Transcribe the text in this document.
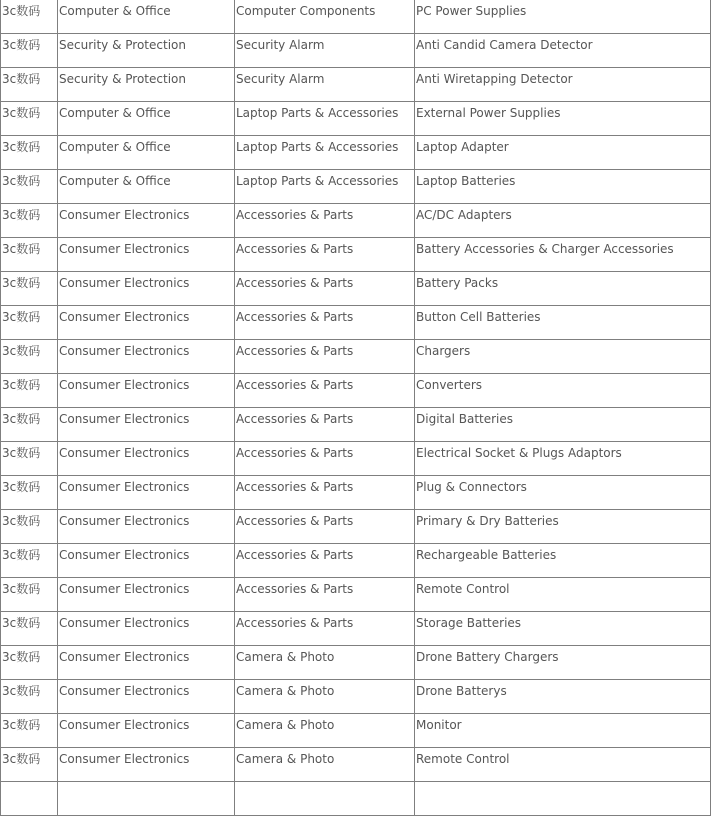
3c数码	Computer & Office	Computer Components	PC Power Supplies
3c数码	Security & Protection	Security Alarm	Anti Candid Camera Detector
3c数码	Security & Protection	Security Alarm	Anti Wiretapping Detector
3c数码	Computer & Office	Laptop Parts & Accessories	External Power Supplies
3c数码	Computer & Office	Laptop Parts & Accessories	Laptop Adapter
3c数码	Computer & Office	Laptop Parts & Accessories	Laptop Batteries
3c数码	Consumer Electronics	Accessories & Parts	AC/DC Adapters
3c数码	Consumer Electronics	Accessories & Parts	Battery Accessories & Charger Accessories
3c数码	Consumer Electronics	Accessories & Parts	Battery Packs
3c数码	Consumer Electronics	Accessories & Parts	Button Cell Batteries
3c数码	Consumer Electronics	Accessories & Parts	Chargers
3c数码	Consumer Electronics	Accessories & Parts	Converters
3c数码	Consumer Electronics	Accessories & Parts	Digital Batteries
3c数码	Consumer Electronics	Accessories & Parts	Electrical Socket & Plugs Adaptors
3c数码	Consumer Electronics	Accessories & Parts	Plug & Connectors
3c数码	Consumer Electronics	Accessories & Parts	Primary & Dry Batteries
3c数码	Consumer Electronics	Accessories & Parts	Rechargeable Batteries
3c数码	Consumer Electronics	Accessories & Parts	Remote Control
3c数码	Consumer Electronics	Accessories & Parts	Storage Batteries
3c数码	Consumer Electronics	Camera & Photo	Drone Battery Chargers
3c数码	Consumer Electronics	Camera & Photo	Drone Batterys
3c数码	Consumer Electronics	Camera & Photo	Monitor
3c数码	Consumer Electronics	Camera & Photo	Remote Control
